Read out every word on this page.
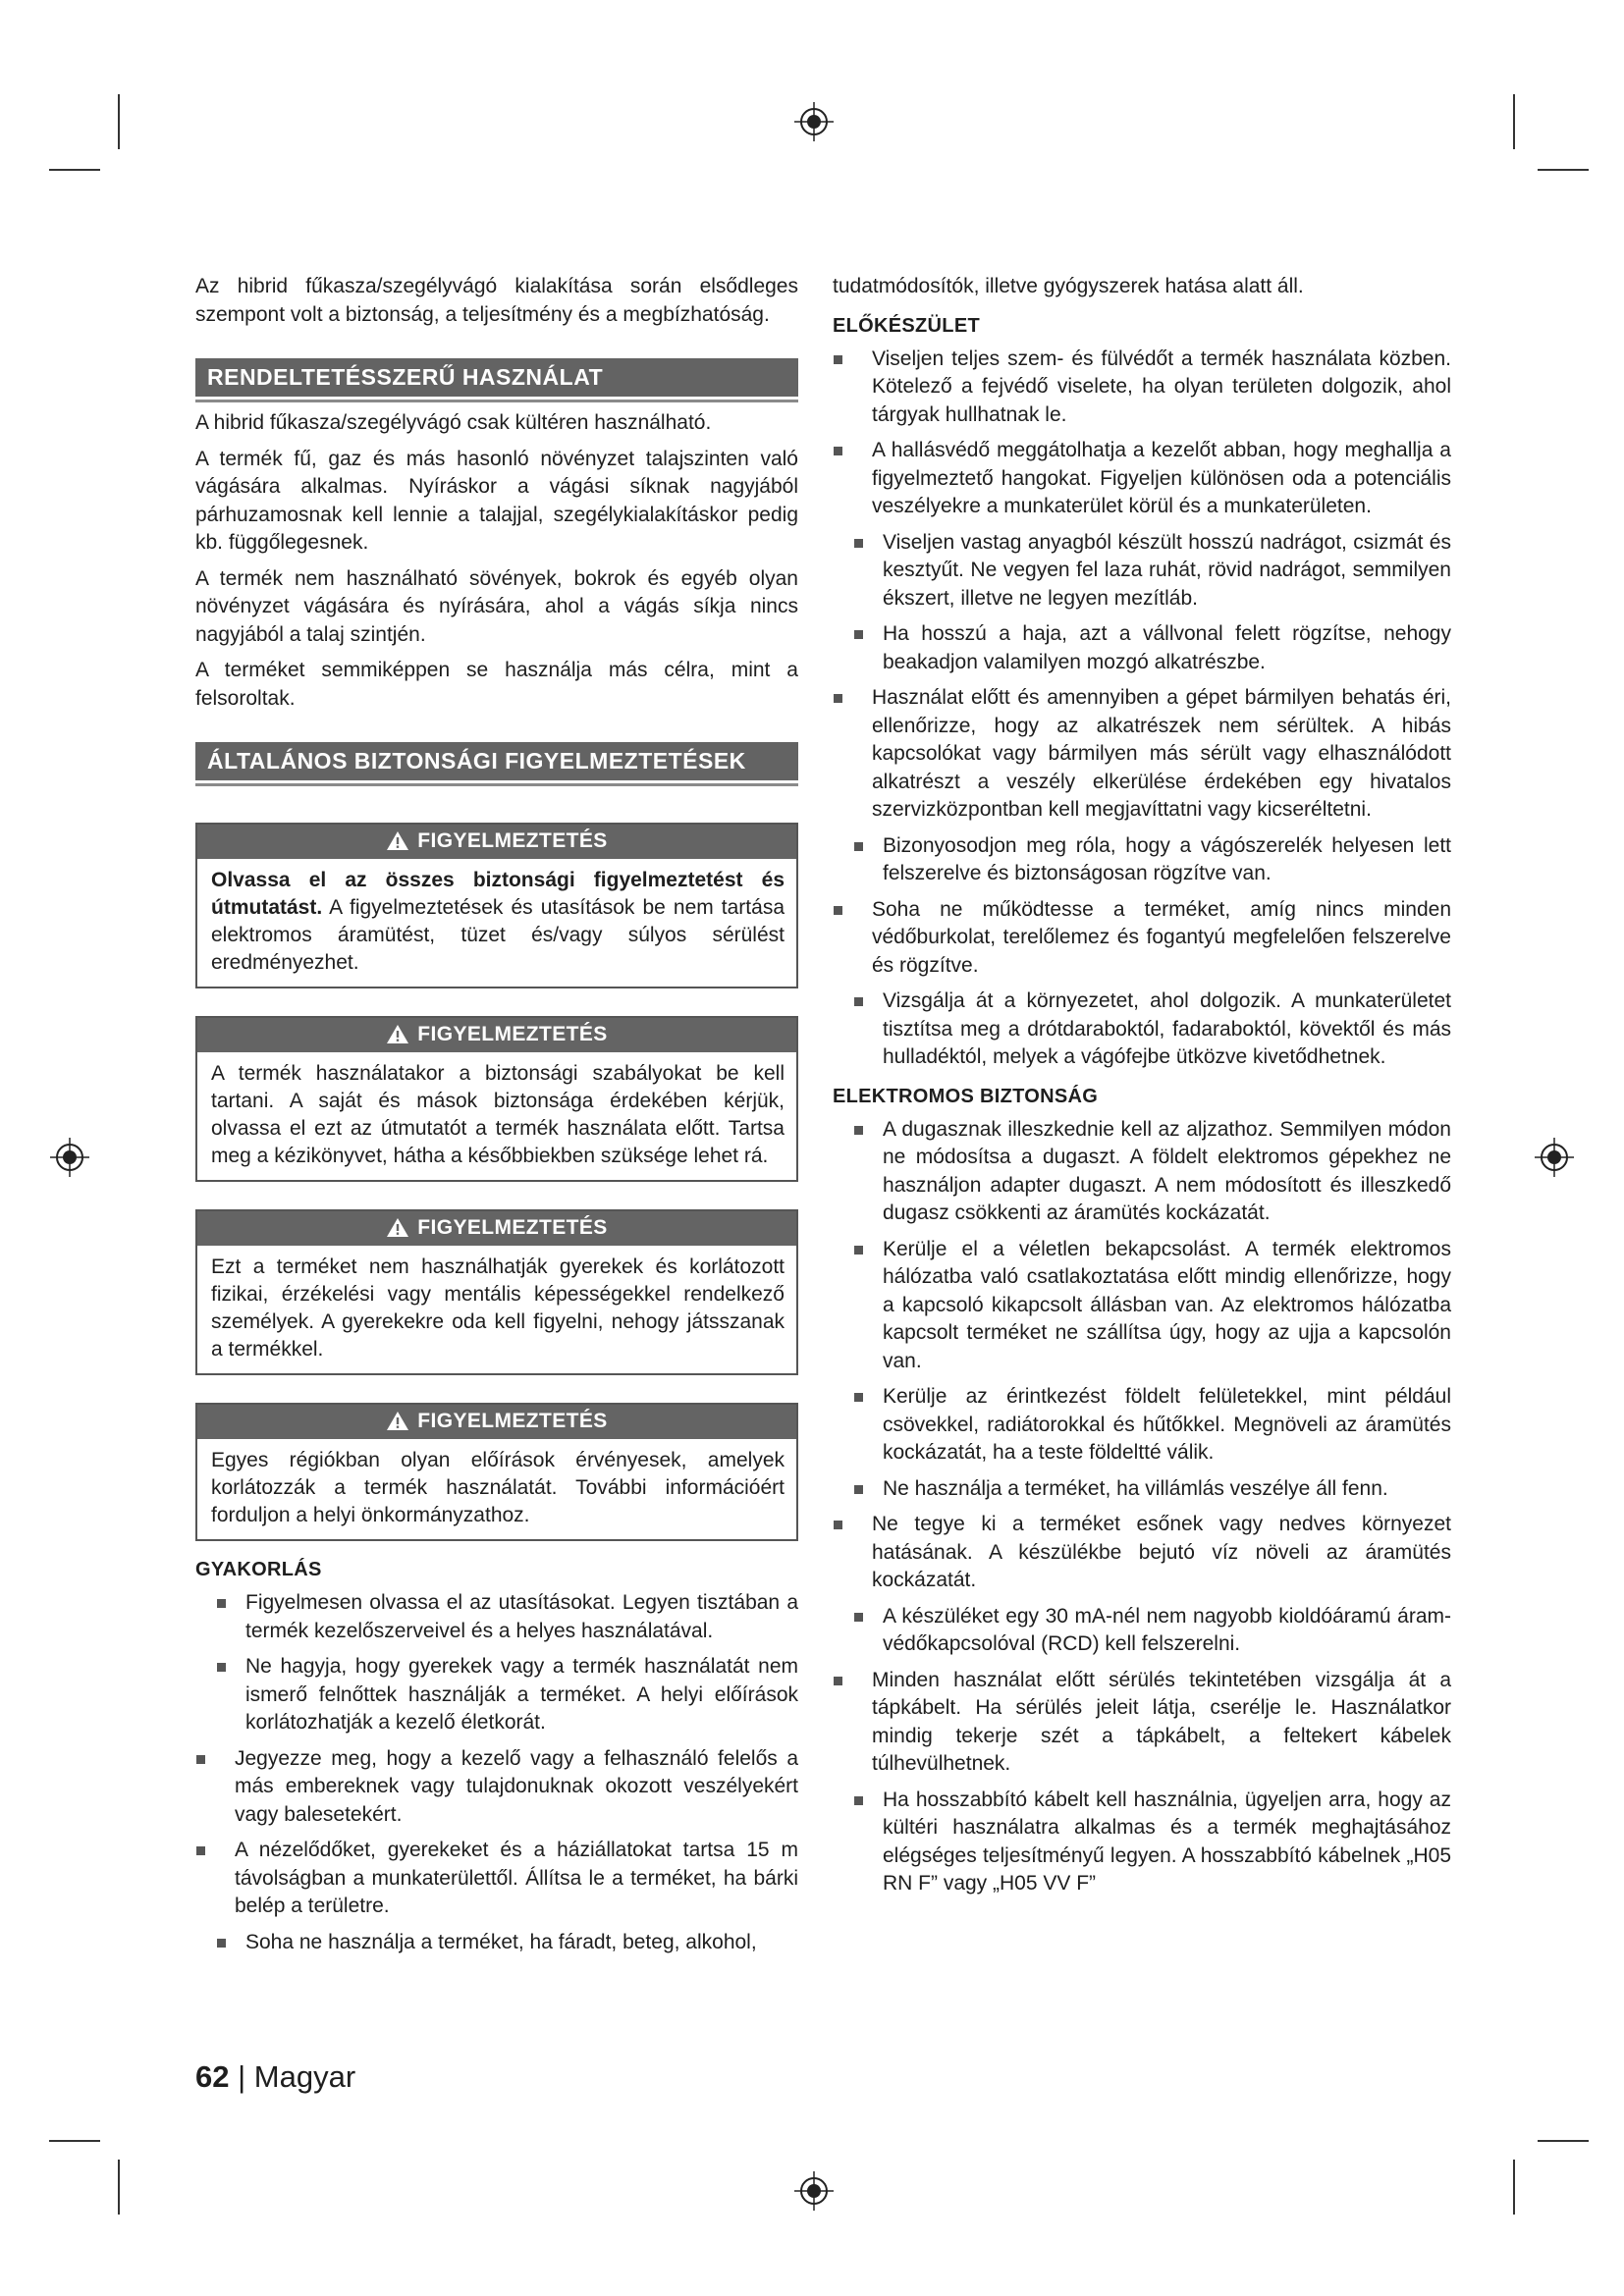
Az hibrid fűkasza/szegélyvágó kialakítása során elsődleges szempont volt a biztonság, a teljesítmény és a megbízhatóság.

RENDELTETÉSSZERŰ HASZNÁLAT

A hibrid fűkasza/szegélyvágó csak kültéren használható.

A termék fű, gaz és más hasonló növényzet talajszinten való vágására alkalmas. Nyíráskor a vágási síknak nagyjából párhuzamosnak kell lennie a talajjal, szegélykialakításkor pedig kb. függőlegesnek.

A termék nem használható sövények, bokrok és egyéb olyan növényzet vágására és nyírására, ahol a vágás síkja nincs nagyjából a talaj szintjén.

A terméket semmiképpen se használja más célra, mint a felsoroltak.

ÁLTALÁNOS BIZTONSÁGI FIGYELMEZTETÉSEK
FIGYELMEZTETÉS

Olvassa el az összes biztonsági figyelmeztetést és útmutatást. A figyelmeztetések és utasítások be nem tartása elektromos áramütést, tüzet és/vagy súlyos sérülést eredményezhet.

FIGYELMEZTETÉS

A termék használatakor a biztonsági szabályokat be kell tartani. A saját és mások biztonsága érdekében kérjük, olvassa el ezt az útmutatót a termék használata előtt. Tartsa meg a kézikönyvet, hátha a későbbiekben szüksége lehet rá.

FIGYELMEZTETÉS

Ezt a terméket nem használhatják gyerekek és korlátozott fizikai, érzékelési vagy mentális képességekkel rendelkező személyek. A gyerekekre oda kell figyelni, nehogy játsszanak a termékkel.

FIGYELMEZTETÉS

Egyes régiókban olyan előírások érvényesek, amelyek korlátozzák a termék használatát. További információért forduljon a helyi önkormányzathoz.

GYAKORLÁS

Figyelmesen olvassa el az utasításokat. Legyen tisztában a termék kezelőszerveivel és a helyes használatával.

Ne hagyja, hogy gyerekek vagy a termék használatát nem ismerő felnőttek használják a terméket. A helyi előírások korlátozhatják a kezelő életkorát.

Jegyezze meg, hogy a kezelő vagy a felhasználó felelős a más embereknek vagy tulajdonuknak okozott veszélyekért vagy balesetekért.

A nézelődőket, gyerekeket és a háziállatokat tartsa 15 m távolságban a munkaterülettől. Állítsa le a terméket, ha bárki belép a területre.

Soha ne használja a terméket, ha fáradt, beteg, alkohol,

tudatmódosítók, illetve gyógyszerek hatása alatt áll.

ELŐKÉSZÜLET

Viseljen teljes szem- és fülvédőt a termék használata közben. Kötelező a fejvédő viselete, ha olyan területen dolgozik, ahol tárgyak hullhatnak le.

A hallásvédő meggátolhatja a kezelőt abban, hogy meghallja a figyelmeztető hangokat. Figyeljen különösen oda a potenciális veszélyekre a munkaterület körül és a munkaterületen.

Viseljen vastag anyagból készült hosszú nadrágot, csizmát és kesztyűt. Ne vegyen fel laza ruhát, rövid nadrágot, semmilyen ékszert, illetve ne legyen mezítláb.

Ha hosszú a haja, azt a vállvonal felett rögzítse, nehogy beakadjon valamilyen mozgó alkatrészbe.

Használat előtt és amennyiben a gépet bármilyen behatás éri, ellenőrizze, hogy az alkatrészek nem sérültek. A hibás kapcsolókat vagy bármilyen más sérült vagy elhasználódott alkatrészt a veszély elkerülése érdekében egy hivatalos szervizközpontban kell megjavíttatni vagy kicseréltetni.

Bizonyosodjon meg róla, hogy a vágószerelék helyesen lett felszerelve és biztonságosan rögzítve van.

Soha ne működtesse a terméket, amíg nincs minden védőburkolat, terelőlemez és fogantyú megfelelően felszerelve és rögzítve.

Vizsgálja át a környezetet, ahol dolgozik. A munkaterületet tisztítsa meg a drótdaraboktól, fadaraboktól, kövektől és más hulladéktól, melyek a vágófejbe ütközve kivetődhetnek.

ELEKTROMOS BIZTONSÁG

A dugasznak illeszkednie kell az aljzathoz. Semmilyen módon ne módosítsa a dugaszt. A földelt elektromos gépekhez ne használjon adapter dugaszt. A nem módosított és illeszkedő dugasz csökkenti az áramütés kockázatát.

Kerülje el a véletlen bekapcsolást. A termék elektromos hálózatba való csatlakoztatása előtt mindig ellenőrizze, hogy a kapcsoló kikapcsolt állásban van. Az elektromos hálózatba kapcsolt terméket ne szállítsa úgy, hogy az ujja a kapcsolón van.

Kerülje az érintkezést földelt felületekkel, mint például csövekkel, radiátorokkal és hűtőkkel. Megnöveli az áramütés kockázatát, ha a teste földeltté válik.

Ne használja a terméket, ha villámlás veszélye áll fenn.

Ne tegye ki a terméket esőnek vagy nedves környezet hatásának. A készülékbe bejutó víz növeli az áramütés kockázatát.

A készüléket egy 30 mA-nél nem nagyobb kioldóáramú áram-védőkapcsolóval (RCD) kell felszerelni.

Minden használat előtt sérülés tekintetében vizsgálja át a tápkábelt. Ha sérülés jeleit látja, cserélje le. Használatkor mindig tekerje szét a tápkábelt, a feltekert kábelek túlhevülhetnek.

Ha hosszabbító kábelt kell használnia, ügyeljen arra, hogy az kültéri használatra alkalmas és a termék meghajtásához elégséges teljesítményű legyen. A hosszabbító kábelnek „H05 RN F” vagy „H05 VV F”

62 | Magyar
